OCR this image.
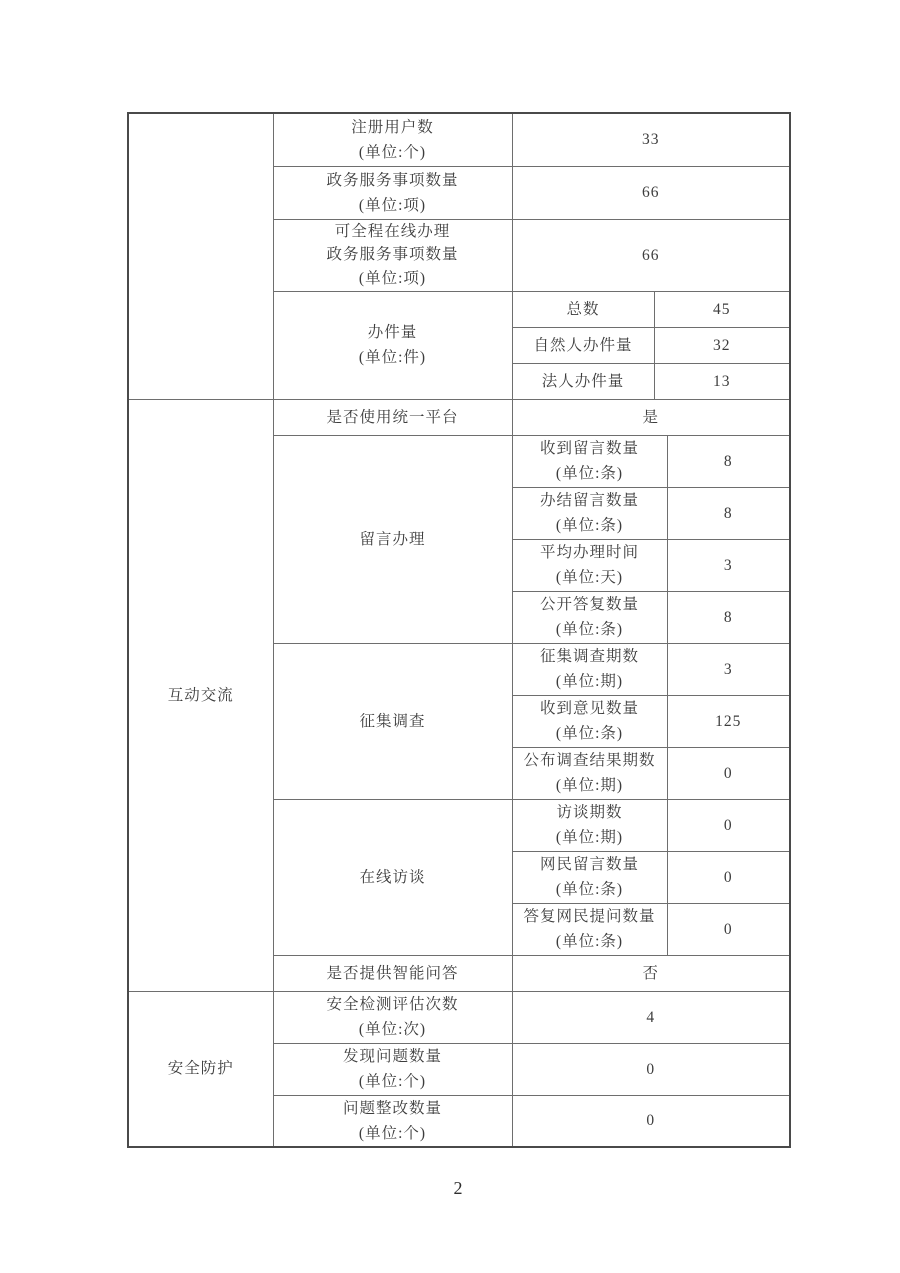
	注册用户数
(单位:个)	33		

	政务服务事项数量
(单位:项)	66		

	可全程在线办理
政务服务事项数量
(单位:项)	66		

	办件量
(单位:件)	总数	45	
		自然人办件量	32	
		法人办件量	13	
互动交流	是否使用统一平台	是		
	留言办理	收到留言数量
(单位:条)		8

		办结留言数量
(单位:条)		8

		平均办理时间
(单位:天)		3

		公开答复数量
(单位:条)		8
	征集调查	征集调查期数
(单位:期)		3

		收到意见数量
(单位:条)		125

		公布调查结果期数
(单位:期)		0
	在线访谈	访谈期数
(单位:期)		0

		网民留言数量
(单位:条)		0

		答复网民提问数量
(单位:条)		0
	是否提供智能问答	否		
安全防护	安全检测评估次数
(单位:次)	4		

	发现问题数量
(单位:个)	0		

	问题整改数量
(单位:个)	0		
2
